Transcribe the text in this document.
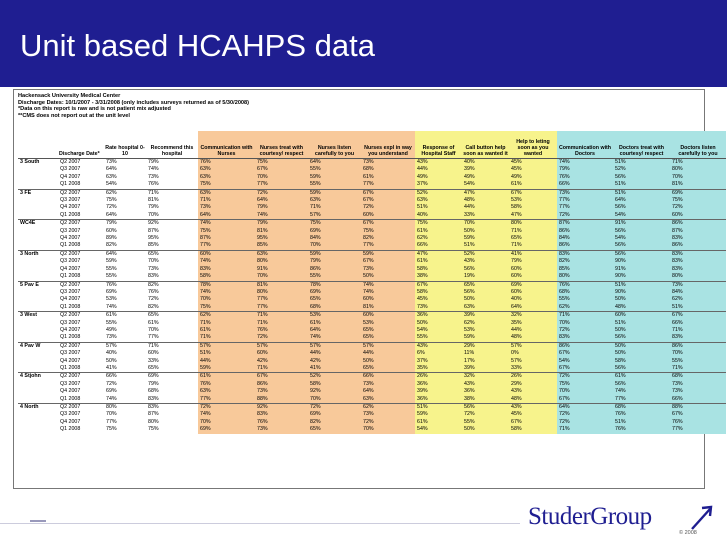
Unit based HCAHPS data
Hackensack University Medical Center
Discharge Dates: 10/1/2007 - 3/31/2008 (only includes surveys returned as of 5/30/2008)
*Data on this report is raw and is not patient mix adjusted
**CMS does not report out at the unit level
	Discharge Date*	Rate hospital 0-10	Recommend this hospital	Communication with Nurses	Nurses treat with courtesy/ respect	Nurses listen carefully to you	Nurses expl in way you understand	Response of Hospital Staff	Call button help soon as wanted it	Help to leting soon as you wanted	Communication with Doctors	Doctors treat with courtesy/ respect	Doctors listen carefully to you
3 South	Q2 2007	73%	79%	76%	75%	64%	73%	43%	40%	45%	74%	51%	71%
	Q3 2007	64%	74%	63%	67%	55%	68%	44%	39%	45%	79%	52%	80%
	Q4 2007	63%	73%	63%	70%	59%	61%	49%	49%	49%	76%	56%	70%
	Q1 2008	54%	76%	75%	77%	55%	77%	37%	54%	61%	66%	51%	81%
3 FE	Q2 2007	62%	71%	63%	72%	59%	67%	52%	47%	67%	73%	51%	69%
	Q3 2007	75%	81%	71%	64%	63%	67%	63%	48%	53%	77%	64%	75%
	Q4 2007	72%	79%	73%	79%	71%	72%	51%	44%	58%	77%	56%	72%
	Q1 2008	64%	70%	64%	74%	57%	60%	40%	33%	47%	72%	54%	60%
WC4E	Q2 2007	79%	92%	74%	79%	75%	67%	75%	70%	80%	87%	91%	86%
	Q3 2007	60%	87%	75%	81%	69%	75%	61%	50%	71%	86%	56%	87%
	Q4 2007	89%	95%	87%	95%	84%	82%	62%	59%	65%	84%	54%	83%
	Q1 2008	82%	85%	77%	85%	70%	77%	66%	51%	71%	86%	56%	86%
3 North	Q2 2007	64%	65%	60%	63%	59%	59%	47%	52%	41%	83%	56%	83%
	Q3 2007	59%	70%	74%	80%	79%	67%	61%	43%	79%	82%	90%	83%
	Q4 2007	55%	73%	83%	91%	86%	73%	58%	56%	60%	85%	91%	83%
	Q1 2008	55%	83%	58%	70%	55%	50%	38%	19%	60%	80%	90%	80%
5 Pav E	Q2 2007	76%	82%	78%	81%	78%	74%	67%	65%	69%	76%	51%	73%
	Q3 2007	69%	76%	74%	80%	69%	74%	58%	56%	60%	68%	90%	84%
	Q4 2007	53%	72%	70%	77%	65%	60%	45%	50%	40%	55%	50%	62%
	Q1 2008	74%	82%	75%	77%	68%	81%	73%	63%	64%	62%	48%	51%
3 West	Q2 2007	61%	65%	62%	71%	53%	60%	36%	39%	32%	71%	60%	67%
	Q3 2007	55%	61%	71%	71%	61%	53%	50%	62%	35%	70%	51%	66%
	Q4 2007	49%	70%	61%	76%	64%	65%	54%	53%	44%	72%	50%	71%
	Q1 2008	73%	77%	71%	72%	74%	65%	55%	59%	48%	83%	56%	83%
4 Pav W	Q2 2007	57%	71%	57%	57%	57%	57%	43%	29%	57%	86%	50%	86%
	Q3 2007	40%	60%	51%	60%	44%	44%	6%	11%	0%	67%	50%	70%
	Q4 2007	50%	33%	44%	42%	42%	50%	37%	17%	57%	54%	58%	55%
	Q1 2008	41%	65%	59%	71%	41%	65%	35%	39%	33%	67%	56%	71%
4 Stjohn	Q2 2007	66%	69%	61%	67%	52%	66%	26%	32%	26%	72%	61%	68%
	Q3 2007	72%	79%	76%	86%	58%	73%	36%	43%	29%	75%	56%	73%
	Q4 2007	69%	68%	63%	73%	92%	64%	39%	36%	43%	70%	74%	73%
	Q1 2008	74%	83%	77%	88%	70%	63%	36%	38%	48%	67%	77%	66%
4 North	Q2 2007	80%	83%	72%	92%	72%	62%	51%	56%	43%	64%	68%	88%
	Q3 2007	70%	87%	74%	83%	69%	73%	59%	72%	45%	72%	76%	67%
	Q4 2007	77%	80%	70%	76%	82%	72%	61%	55%	67%	72%	51%	76%
	Q1 2008	75%	75%	69%	73%	65%	70%	54%	50%	58%	71%	76%	77%
StuderGroup
© 2008
